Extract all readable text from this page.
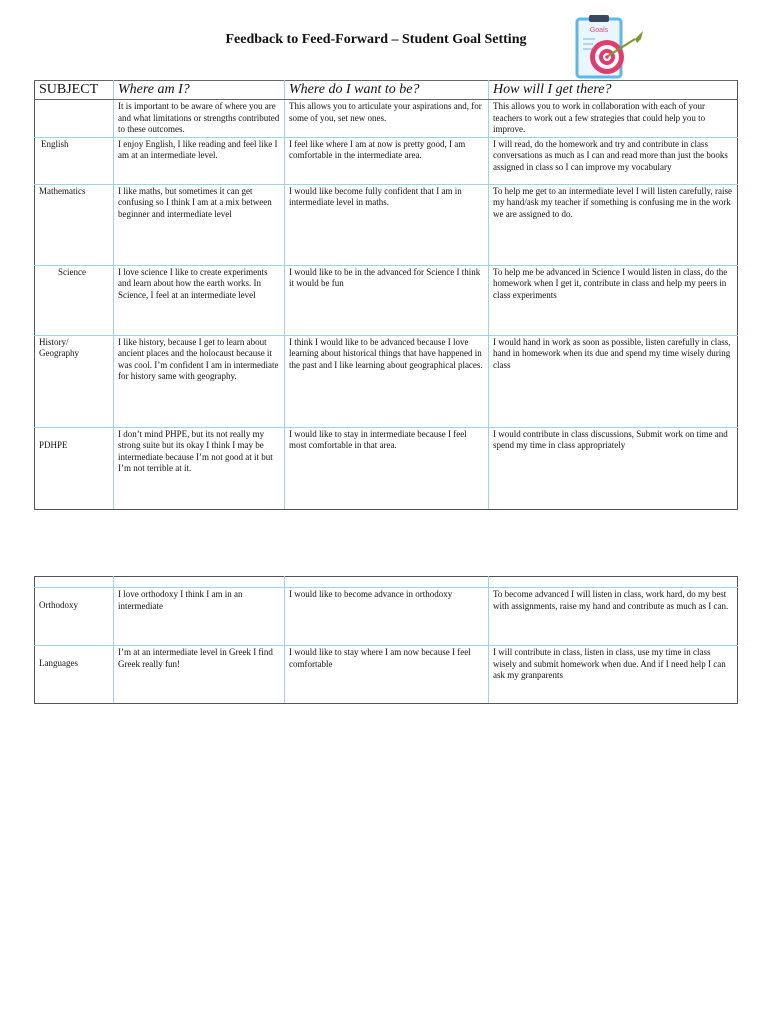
Feedback to Feed-Forward – Student Goal Setting
Goals
SUBJECT	Where am I?	Where do I want to be?	How will I get there?
	It is important to be aware of where you are and what limitations or strengths contributed to these outcomes.	This allows you to articulate your aspirations and, for some of you, set new ones.	This allows you to work in collaboration with each of your teachers to work out a few strategies that could help you to improve.
English	I enjoy English, I like reading and feel like I am at an intermediate level.	I feel like where I am at now is pretty good, I am comfortable in the intermediate area.	I will read, do the homework and try and contribute in class conversations as much as I can and read more than just the books assigned in class so I can improve my vocabulary
Mathematics	I like maths, but sometimes it can get confusing so I think I am at a mix between beginner and intermediate level	I would like become fully confident that I am in intermediate level in maths.	To help me get to an intermediate level I will listen carefully, raise my hand/ask my teacher if something is confusing me in the work we are assigned to do.
Science	I love science I like to create experiments and learn about how the earth works. In Science, I feel at an intermediate level	I would like to be in the advanced for Science I think it would be fun	To help me be advanced in Science I would listen in class, do the homework when I get it, contribute in class and help my peers in class experiments
History/ Geography	I like history, because I get to learn about ancient places and the holocaust because it was cool. I’m confident I am in intermediate for history same with geography.	I think I would like to be advanced because I love learning about historical things that have happened in the past and I like learning about geographical places.	I would hand in work as soon as possible, listen carefully in class, hand in homework when its due and spend my time wisely during class
PDHPE	I don’t mind PHPE, but its not really my strong suite but its okay I think I may be intermediate because I’m not good at it but I’m not terrible at it.	I would like to stay in intermediate because I feel most comfortable in that area.	I would contribute in class discussions, Submit work on time and spend my time in class appropriately

Orthodoxy	I love orthodoxy I think I am in an intermediate	I would like to become advance in orthodoxy	To become advanced I will listen in class, work hard, do my best with assignments, raise my hand and contribute as much as I can.
Languages	I’m at an intermediate level in Greek I find Greek really fun!	I would like to stay where I am now because I feel comfortable	I will contribute in class, listen in class, use my time in class wisely and submit homework when due. And if I need help I can ask my granparents
